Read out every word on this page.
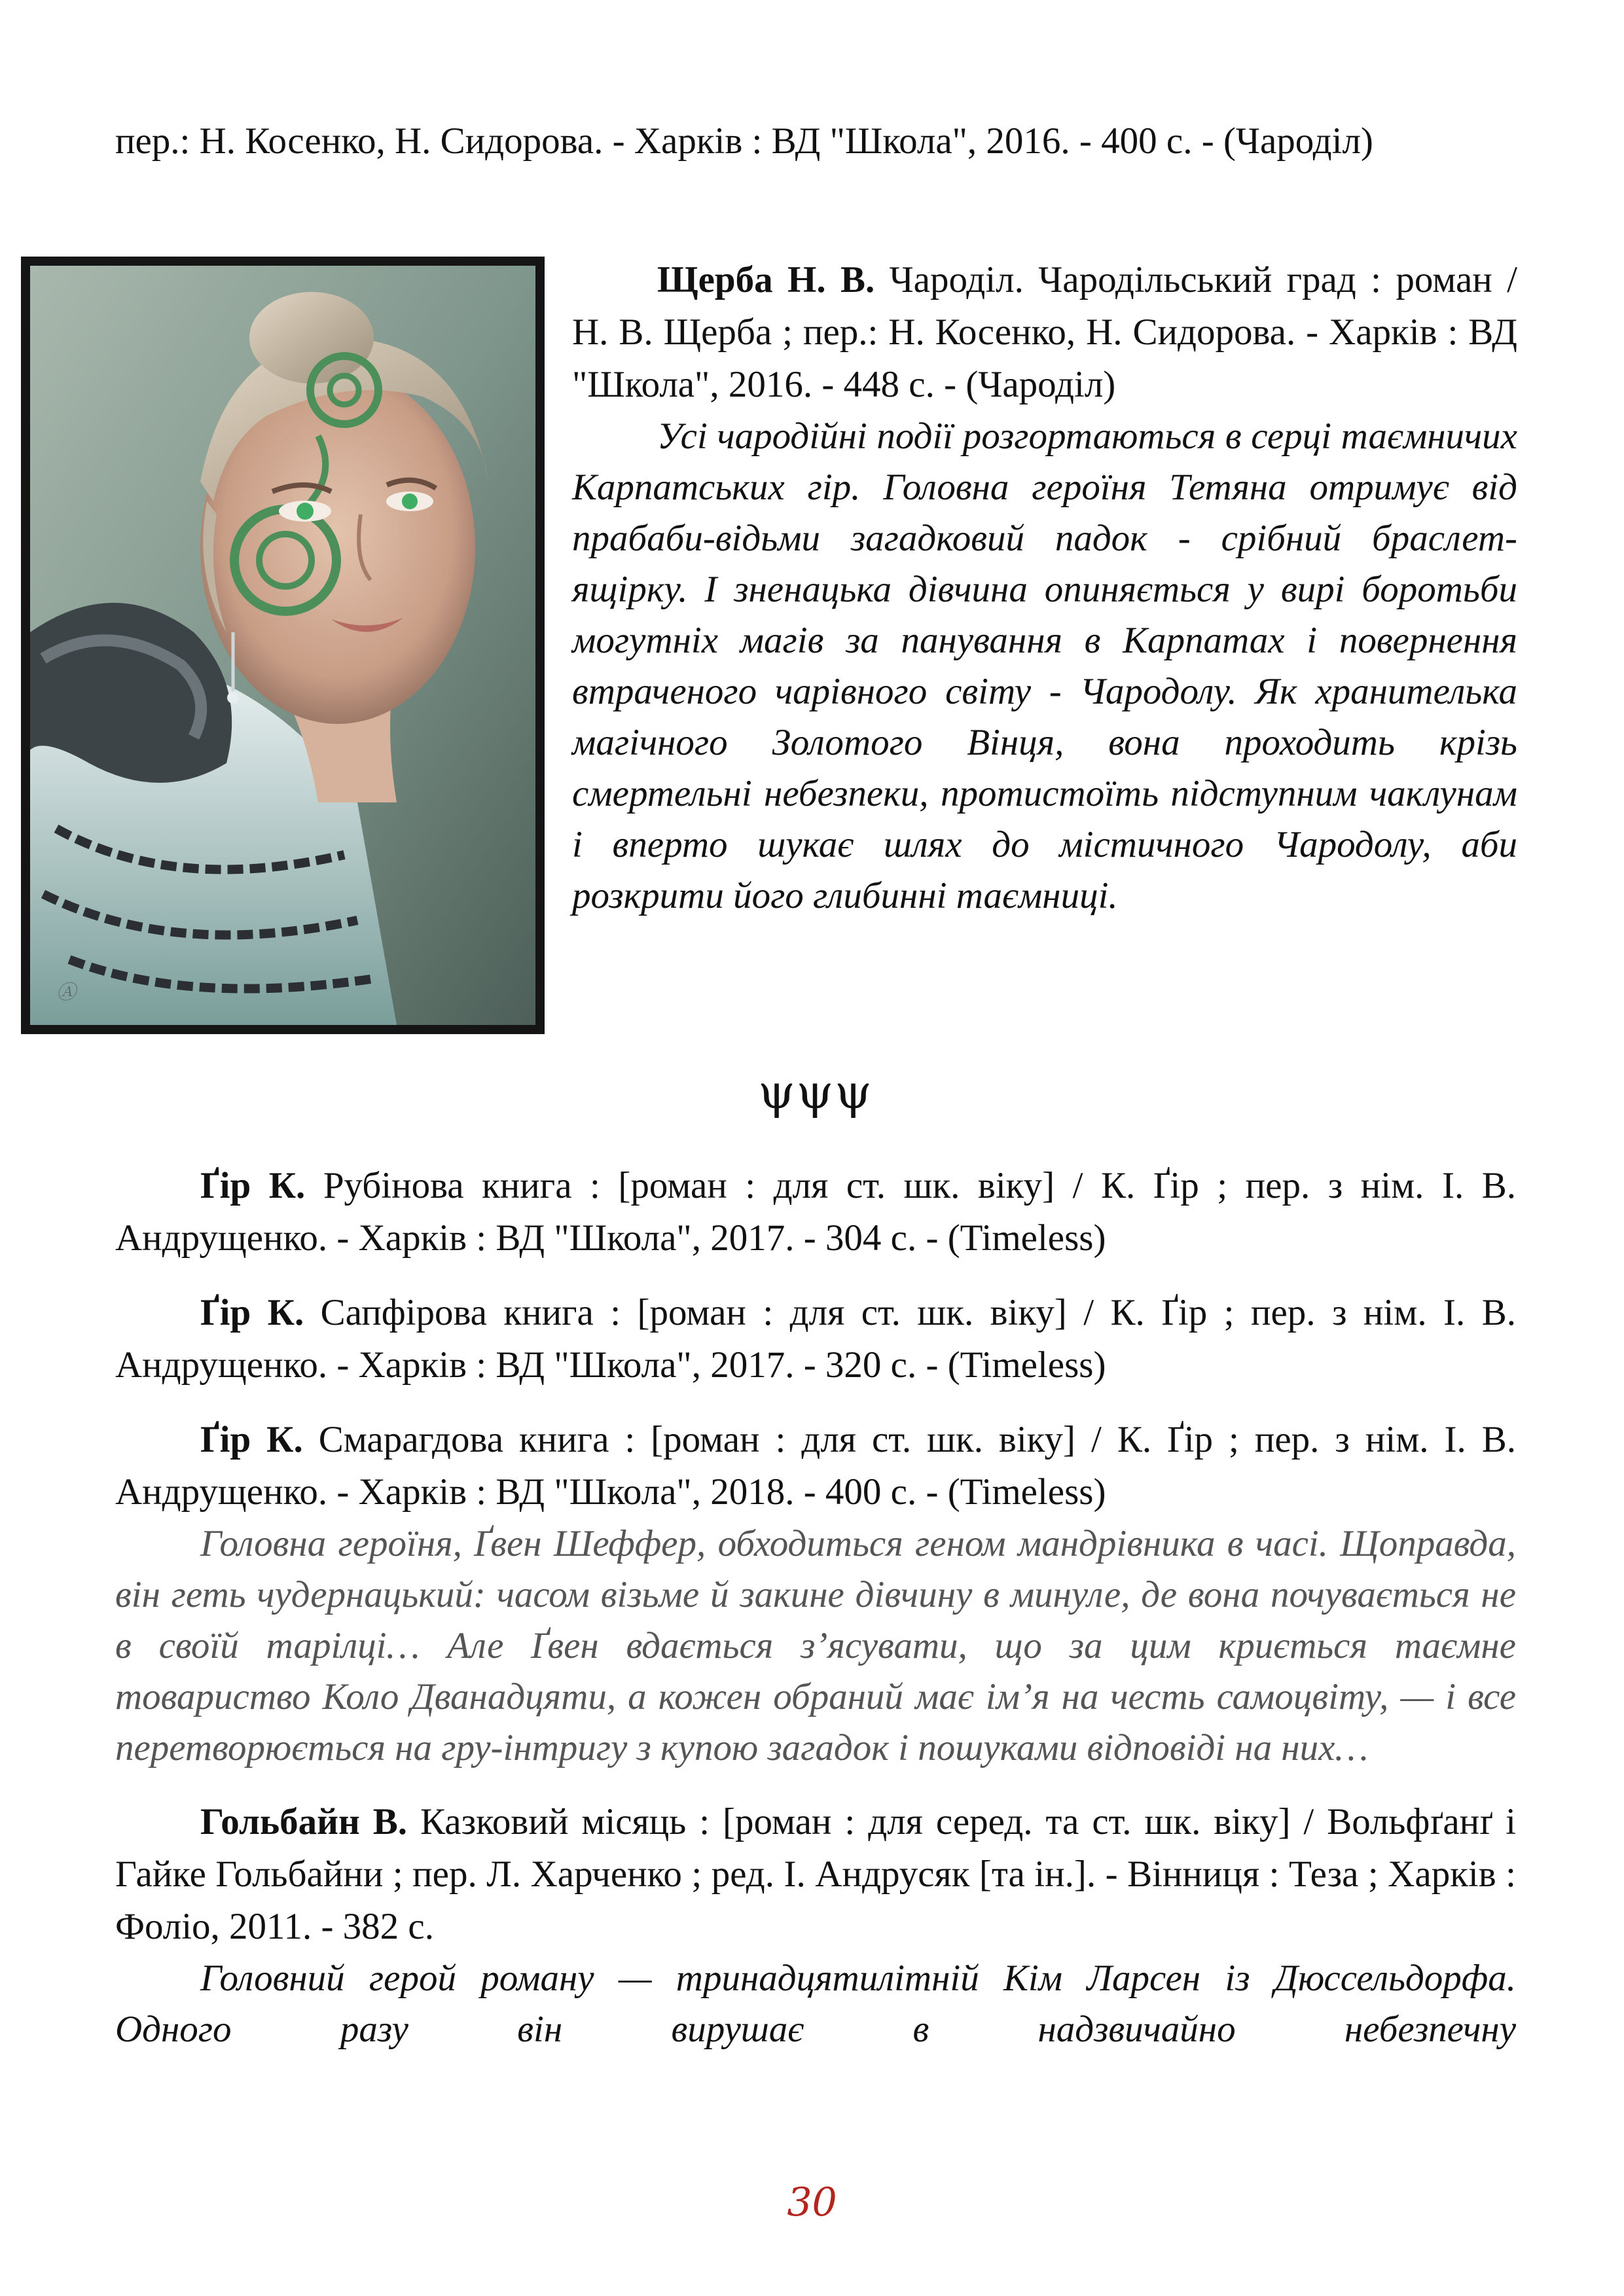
пер.: Н. Косенко, Н. Сидорова. - Харків : ВД "Школа", 2016. - 400 с. - (Чароділ)

Ⓐ

Щерба Н. В. Чароділ. Чародільський град : роман / Н. В. Щерба ; пер.: Н. Косенко, Н. Сидорова. - Харків : ВД "Школа", 2016. - 448 с. - (Чароділ)

Усі чародійні події розгортаються в серці таємничих Карпатських гір. Головна героїня Тетяна отримує від прабаби-відьми загадковий падок - срібний браслет-ящірку. І зненацька дівчина опиняється у вирі боротьби могутніх магів за панування в Карпатах і повернення втраченого чарівного світу - Чародолу. Як хранителька магічного Золотого Вінця, вона проходить крізь смертельні небезпеки, протистоїть підступним чаклунам і вперто шукає шлях до містичного Чародолу, аби розкрити його глибинні таємниці.

ψψψ

Ґір К. Рубінова книга : [роман : для ст. шк. віку] / К. Ґір ; пер. з нім. І. В. Андрущенко. - Харків : ВД "Школа", 2017. - 304 с. - (Timeless)

Ґір К. Сапфірова книга : [роман : для ст. шк. віку] / К. Ґір ; пер. з нім. І. В. Андрущенко. - Харків : ВД "Школа", 2017. - 320 с. - (Timeless)

Ґір К. Смарагдова книга : [роман : для ст. шк. віку] / К. Ґір ; пер. з нім. І. В. Андрущенко. - Харків : ВД "Школа", 2018. - 400 с. - (Timeless)

Головна героїня, Ґвен Шеффер, обходиться геном мандрівника в часі. Щоправда, він геть чудернацький: часом візьме й закине дівчину в минуле, де вона почувається не в своїй тарілці… Але Ґвен вдається з’ясувати, що за цим криється таємне товариство Коло Дванадцяти, а кожен обраний має ім’я на честь самоцвіту, — і все перетворюється на гру-інтригу з купою загадок і пошуками відповіді на них…

Гольбайн В. Казковий місяць : [роман : для серед. та ст. шк. віку] / Вольфґанґ і Гайке Гольбайни ; пер. Л. Харченко ; ред. І. Андрусяк [та ін.]. - Вінниця : Теза ; Харків : Фоліо, 2011. - 382 с.

Головний герой роману — тринадцятилітній Кім Ларсен із Дюссельдорфа. Одного разу він вирушає в надзвичайно небезпечну

30
